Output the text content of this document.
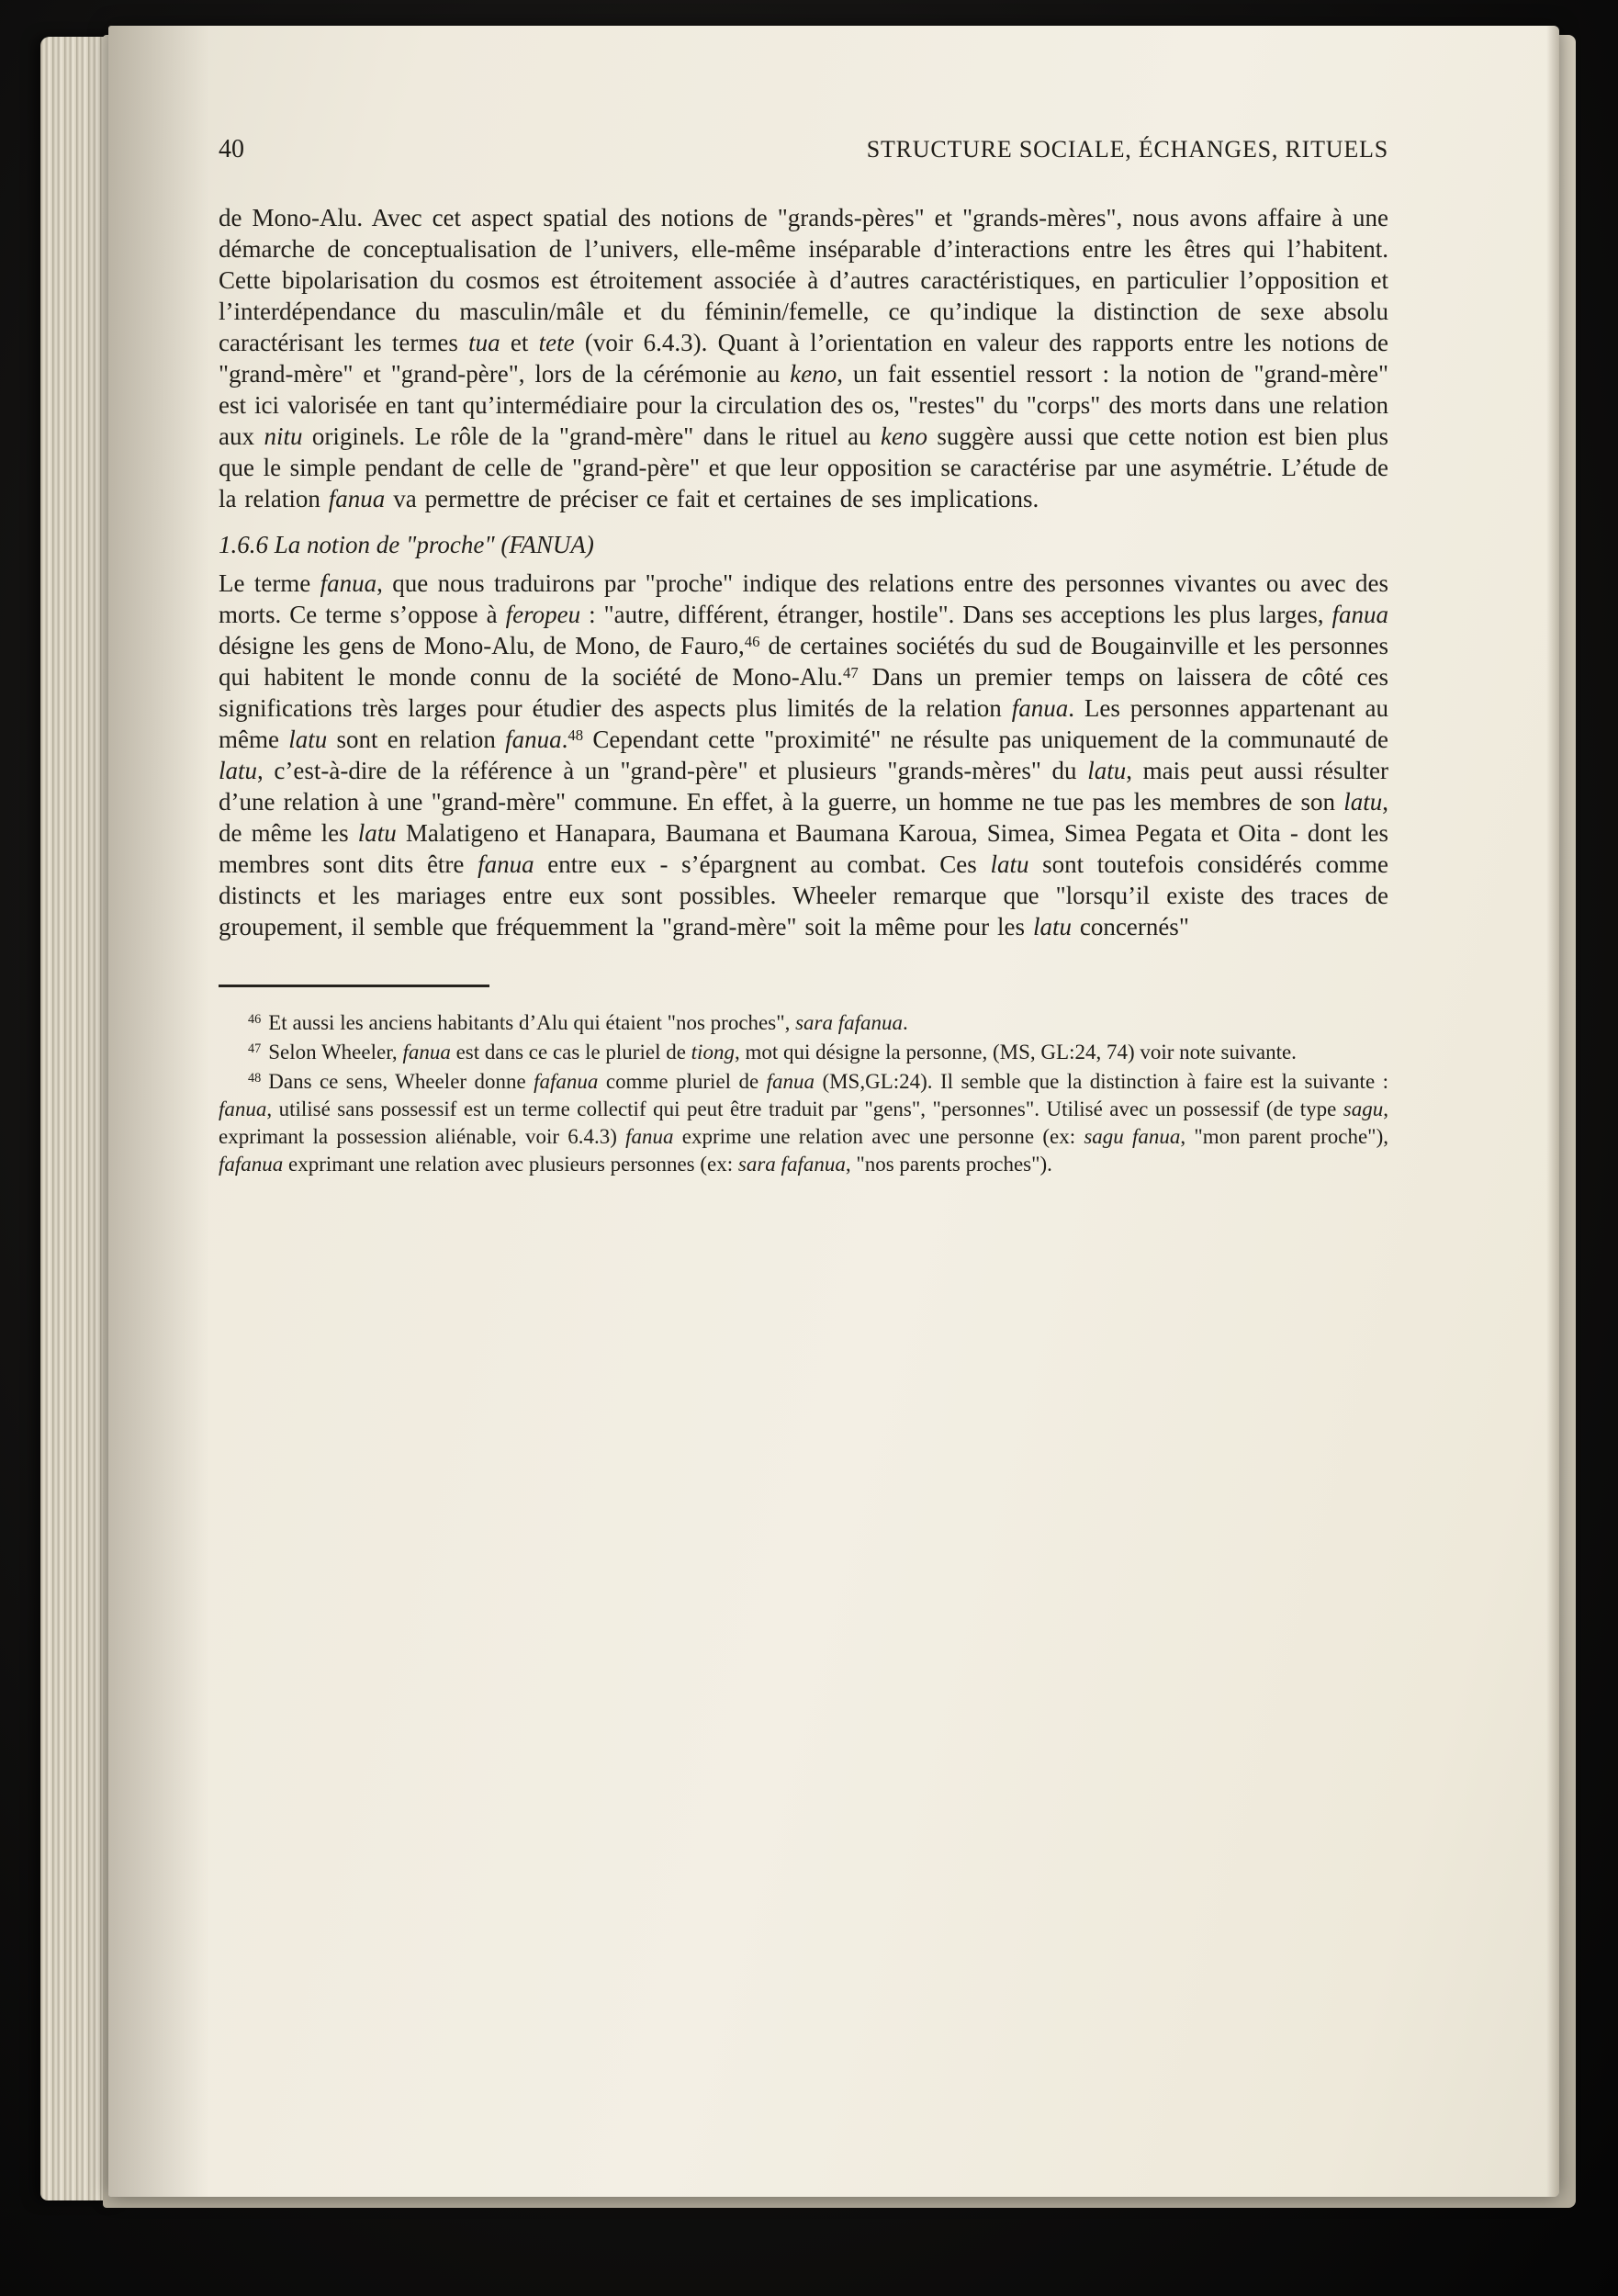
40	STRUCTURE SOCIALE, ÉCHANGES, RITUELS

de Mono-Alu. Avec cet aspect spatial des notions de "grands-pères" et "grands-mères", nous avons affaire à une démarche de conceptualisation de l’univers, elle-même inséparable d’interactions entre les êtres qui l’habitent. Cette bipolarisation du cosmos est étroitement associée à d’autres caractéristiques, en particulier l’opposition et l’interdépendance du masculin/mâle et du féminin/femelle, ce qu’indique la distinction de sexe absolu caractérisant les termes tua et tete (voir 6.4.3). Quant à l’orientation en valeur des rapports entre les notions de "grand-mère" et "grand-père", lors de la cérémonie au keno, un fait essentiel ressort : la notion de "grand-mère" est ici valorisée en tant qu’intermédiaire pour la circulation des os, "restes" du "corps" des morts dans une relation aux nitu originels. Le rôle de la "grand-mère" dans le rituel au keno suggère aussi que cette notion est bien plus que le simple pendant de celle de "grand-père" et que leur opposition se caractérise par une asymétrie. L’étude de la relation fanua va permettre de préciser ce fait et certaines de ses implications.

1.6.6 La notion de "proche" (FANUA)

Le terme fanua, que nous traduirons par "proche" indique des relations entre des personnes vivantes ou avec des morts. Ce terme s’oppose à feropeu : "autre, différent, étranger, hostile". Dans ses acceptions les plus larges, fanua désigne les gens de Mono-Alu, de Mono, de Fauro,$^{46}$ de certaines sociétés du sud de Bougainville et les personnes qui habitent le monde connu de la société de Mono-Alu.$^{47}$ Dans un premier temps on laissera de côté ces significations très larges pour étudier des aspects plus limités de la relation fanua. Les personnes appartenant au même latu sont en relation fanua.$^{48}$ Cependant cette "proximité" ne résulte pas uniquement de la communauté de latu, c’est-à-dire de la référence à un "grand-père" et plusieurs "grands-mères" du latu, mais peut aussi résulter d’une relation à une "grand-mère" commune. En effet, à la guerre, un homme ne tue pas les membres de son latu, de même les latu Malatigeno et Hanapara, Baumana et Baumana Karoua, Simea, Simea Pegata et Oita - dont les membres sont dits être fanua entre eux - s’épargnent au combat. Ces latu sont toutefois considérés comme distincts et les mariages entre eux sont possibles. Wheeler remarque que "lorsqu’il existe des traces de groupement, il semble que fréquemment la "grand-mère" soit la même pour les latu concernés"

$^{46}$ Et aussi les anciens habitants d’Alu qui étaient "nos proches", sara fafanua.
$^{47}$ Selon Wheeler, fanua est dans ce cas le pluriel de tiong, mot qui désigne la personne, (MS, GL:24, 74) voir note suivante.
$^{48}$ Dans ce sens, Wheeler donne fafanua comme pluriel de fanua (MS,GL:24). Il semble que la distinction à faire est la suivante : fanua, utilisé sans possessif est un terme collectif qui peut être traduit par "gens", "personnes". Utilisé avec un possessif (de type sagu, exprimant la possession aliénable, voir 6.4.3) fanua exprime une relation avec une personne (ex: sagu fanua, "mon parent proche"), fafanua exprimant une relation avec plusieurs personnes (ex: sara fafanua, "nos parents proches").
